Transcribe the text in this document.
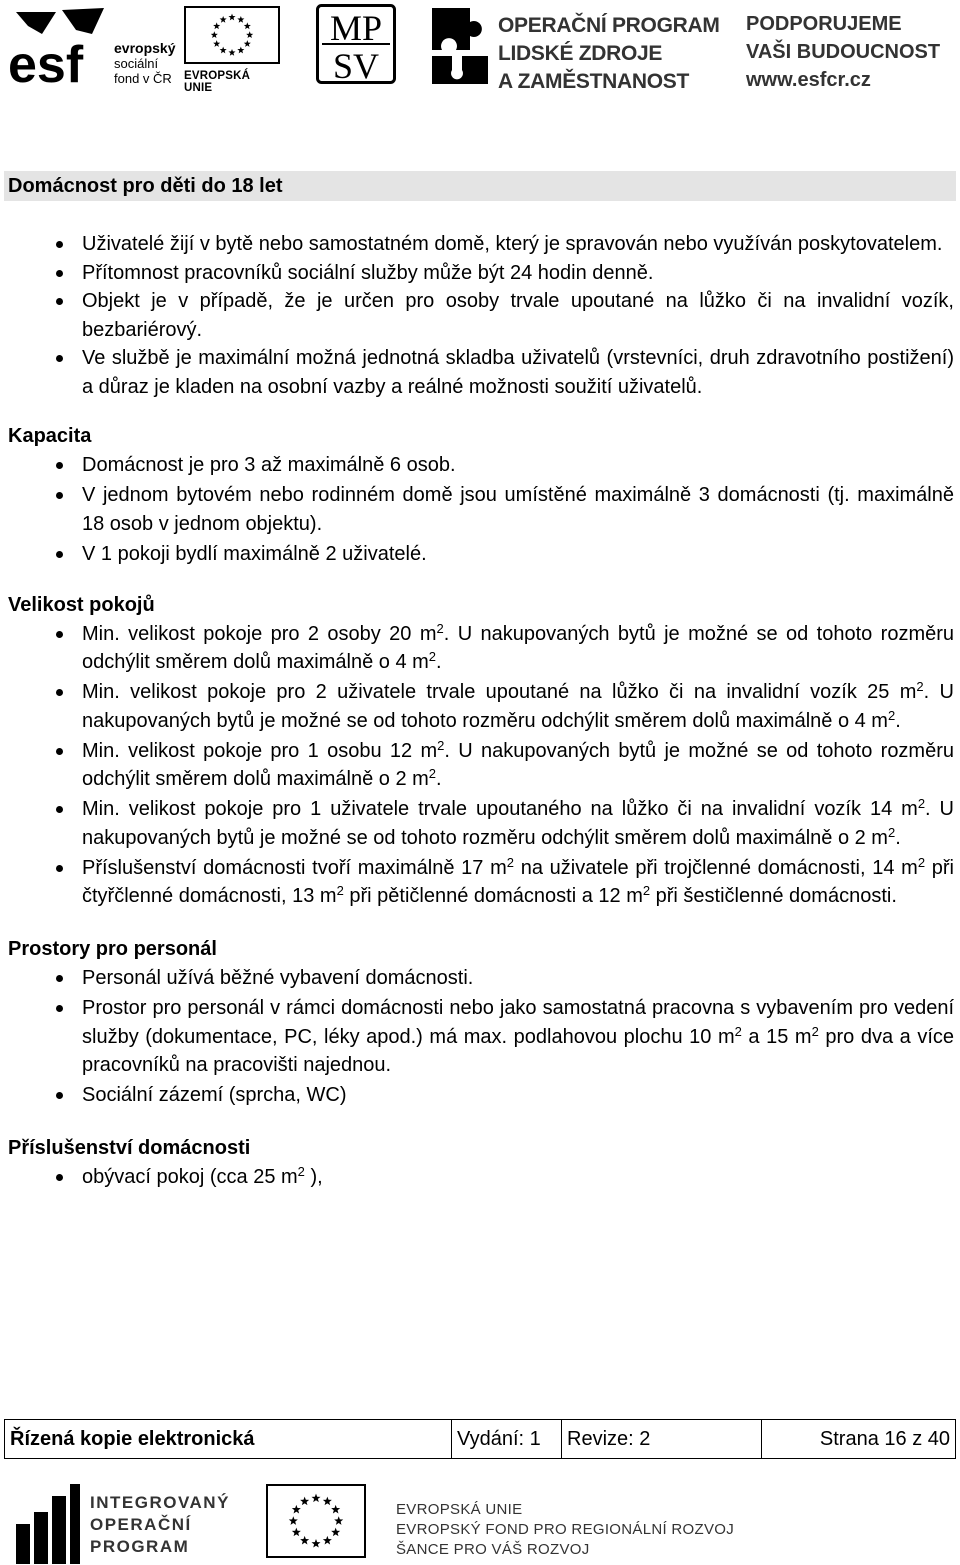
esf evropský
sociální
fond v ČR	EVROPSKÁ UNIE
MP
SV
OPERAČNÍ PROGRAM
LIDSKÉ ZDROJE
A ZAMĚSTNANOST
PODPORUJEME
VAŠI BUDOUCNOST
www.esfcr.cz
Domácnost pro děti do 18 let
Uživatelé žijí v bytě nebo samostatném domě, který je spravován nebo využíván poskytovatelem.
Přítomnost pracovníků sociální služby může být 24 hodin denně.
Objekt je v případě, že je určen pro osoby trvale upoutané na lůžko či na invalidní vozík, bezbariérový.
Ve službě je maximální možná jednotná skladba uživatelů (vrstevníci, druh zdravotního postižení) a důraz je kladen na osobní vazby a reálné možnosti soužití uživatelů.
Kapacita
Domácnost je pro 3 až maximálně 6 osob.
V jednom bytovém nebo rodinném domě jsou umístěné maximálně 3 domácnosti (tj. maximálně 18 osob v jednom objektu).
V 1 pokoji bydlí maximálně 2 uživatelé.
Velikost pokojů
Min. velikost pokoje pro 2 osoby 20 $m^2$. U nakupovaných bytů je možné se od tohoto rozměru odchýlit směrem dolů maximálně o 4 $m^2$.
Min. velikost pokoje pro 2 uživatele trvale upoutané na lůžko či na invalidní vozík 25 $m^2$. U nakupovaných bytů je možné se od tohoto rozměru odchýlit směrem dolů maximálně o 4 $m^2$.
Min. velikost pokoje pro 1 osobu 12 $m^2$. U nakupovaných bytů je možné se od tohoto rozměru odchýlit směrem dolů maximálně o 2 $m^2$.
Min. velikost pokoje pro 1 uživatele trvale upoutaného na lůžko či na invalidní vozík 14 $m^2$. U nakupovaných bytů je možné se od tohoto rozměru odchýlit směrem dolů maximálně o 2 $m^2$.
Příslušenství domácnosti tvoří maximálně 17 $m^2$ na uživatele při trojčlenné domácnosti, 14 $m^2$ při čtyřčlenné domácnosti, 13 $m^2$ při pětičlenné domácnosti a 12 $m^2$ při šestičlenné domácnosti.
Prostory pro personál
Personál užívá běžné vybavení domácnosti.
Prostor pro personál v rámci domácnosti nebo jako samostatná pracovna s vybavením pro vedení služby (dokumentace, PC, léky apod.) má max. podlahovou plochu 10 $m^2$ a 15 $m^2$ pro dva a více pracovníků na pracovišti najednou.
Sociální zázemí (sprcha, WC)
Příslušenství domácnosti
obývací pokoj (cca 25 $m^2$ ),
Řízená kopie elektronická	Vydání: 1	Revize: 2	Strana 16 z 40
INTEGROVANÝ
OPERAČNÍ
PROGRAM
EVROPSKÁ UNIE
EVROPSKÝ FOND PRO REGIONÁLNÍ ROZVOJ
ŠANCE PRO VÁŠ ROZVOJ
